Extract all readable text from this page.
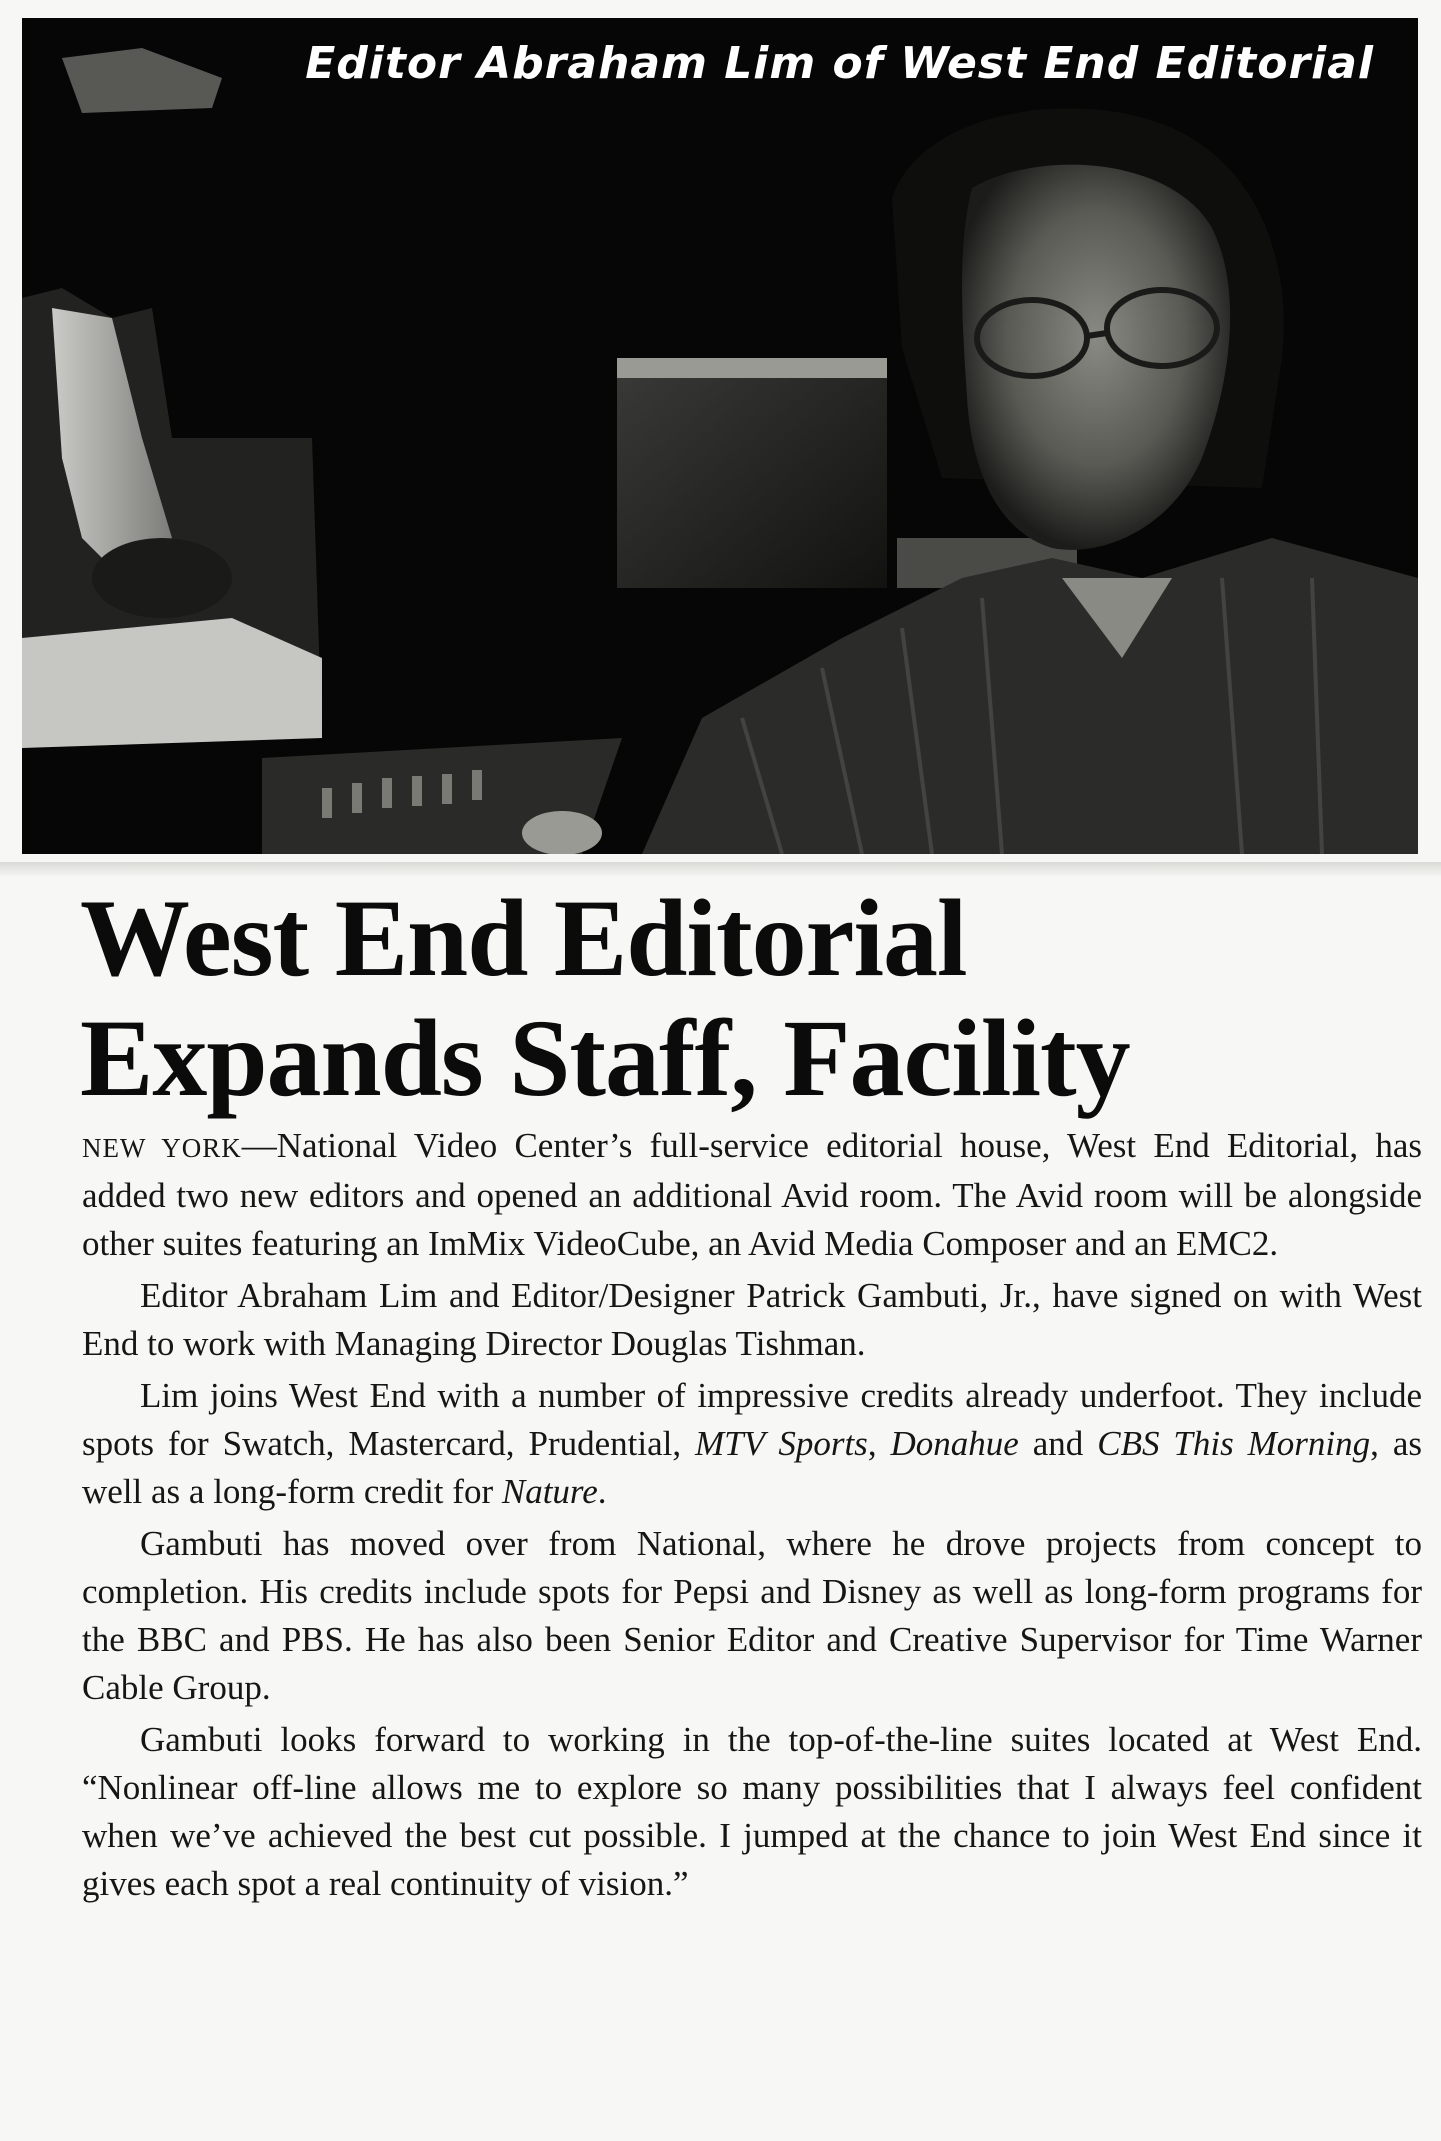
Editor Abraham Lim of West End Editorial
West End Editorial
Expands Staff, Facility

NEW YORK—National Video Center’s full-service editorial house, West End Editorial, has added two new editors and opened an additional Avid room. The Avid room will be alongside other suites featuring an ImMix VideoCube, an Avid Media Composer and an EMC2.

Editor Abraham Lim and Editor/Designer Patrick Gambuti, Jr., have signed on with West End to work with Managing Director Douglas Tishman.

Lim joins West End with a number of impressive credits already underfoot. They include spots for Swatch, Mastercard, Prudential, MTV Sports, Donahue and CBS This Morning, as well as a long-form credit for Nature.

Gambuti has moved over from National, where he drove projects from concept to completion. His credits include spots for Pepsi and Disney as well as long-form programs for the BBC and PBS. He has also been Senior Editor and Creative Supervisor for Time Warner Cable Group.

Gambuti looks forward to working in the top-of-the-line suites located at West End. “Nonlinear off-line allows me to explore so many possibilities that I always feel confident when we’ve achieved the best cut possible. I jumped at the chance to join West End since it gives each spot a real continuity of vision.”
